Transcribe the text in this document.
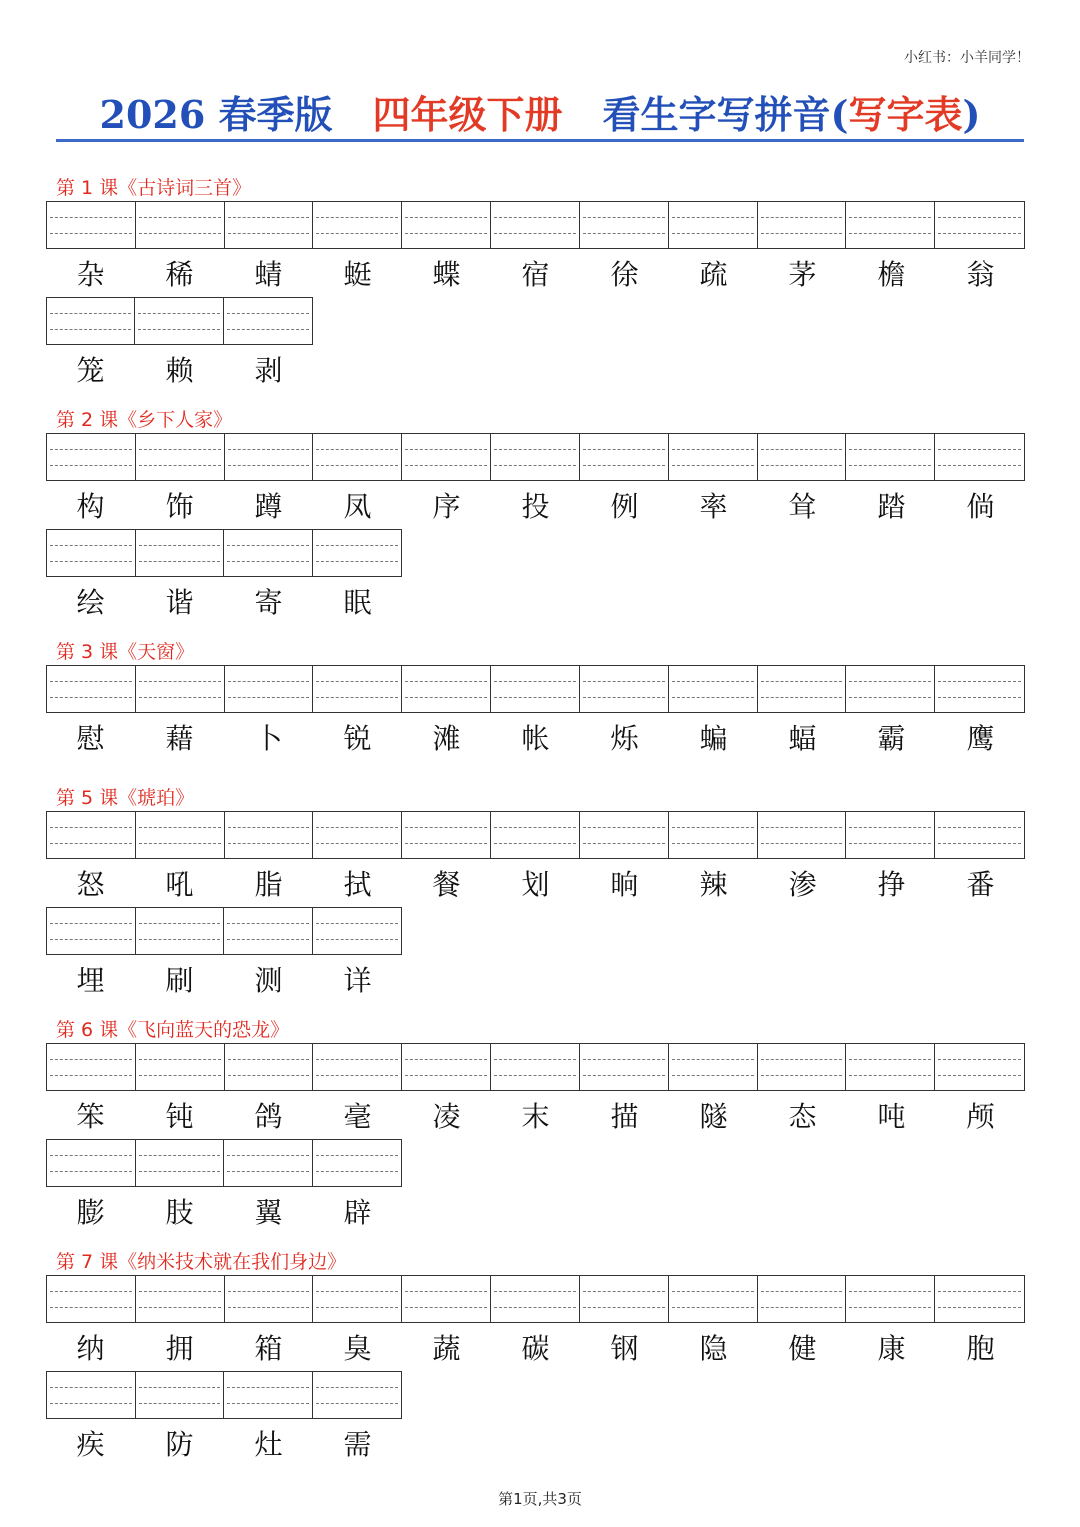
小红书：小羊同学！
2026 春季版 四年级下册 看生字写拼音(写字表)
第 1 课《古诗词三首》
杂	稀	蜻	蜓	蝶	宿	徐	疏	茅	檐	翁
笼	赖	剥
第 2 课《乡下人家》
构	饰	蹲	凤	序	投	例	率	耸	踏	倘
绘	谐	寄	眠
第 3 课《天窗》
慰	藉	卜	锐	滩	帐	烁	蝙	蝠	霸	鹰
第 5 课《琥珀》
怒	吼	脂	拭	餐	划	晌	辣	渗	挣	番
埋	刷	测	详
第 6 课《飞向蓝天的恐龙》
笨	钝	鸽	毫	凌	末	描	隧	态	吨	颅
膨	肢	翼	辟
第 7 课《纳米技术就在我们身边》
纳	拥	箱	臭	蔬	碳	钢	隐	健	康	胞
疾	防	灶	需
第1页,共3页
